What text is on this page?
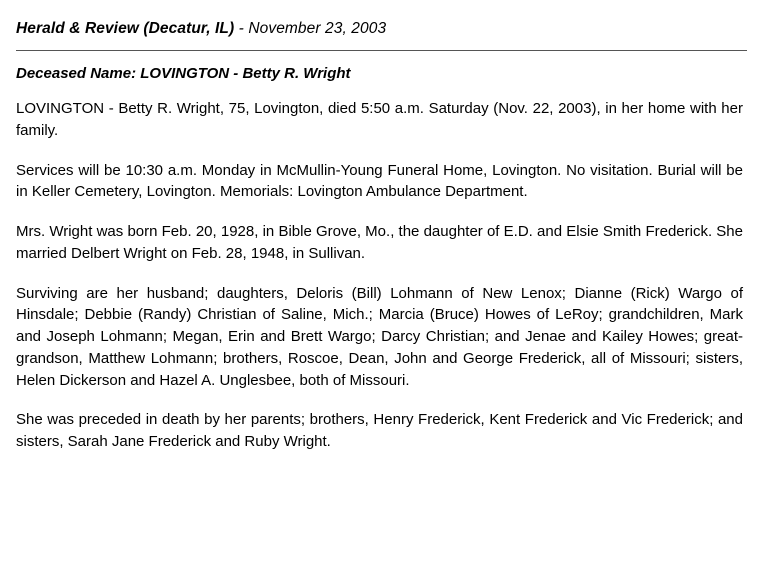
Herald & Review (Decatur, IL) - November 23, 2003
Deceased Name: LOVINGTON - Betty R. Wright

LOVINGTON - Betty R. Wright, 75, Lovington, died 5:50 a.m. Saturday (Nov. 22, 2003), in her home with her family.

Services will be 10:30 a.m. Monday in McMullin-Young Funeral Home, Lovington. No visitation. Burial will be in Keller Cemetery, Lovington. Memorials: Lovington Ambulance Department.

Mrs. Wright was born Feb. 20, 1928, in Bible Grove, Mo., the daughter of E.D. and Elsie Smith Frederick. She married Delbert Wright on Feb. 28, 1948, in Sullivan.

Surviving are her husband; daughters, Deloris (Bill) Lohmann of New Lenox; Dianne (Rick) Wargo of Hinsdale; Debbie (Randy) Christian of Saline, Mich.; Marcia (Bruce) Howes of LeRoy; grandchildren, Mark and Joseph Lohmann; Megan, Erin and Brett Wargo; Darcy Christian; and Jenae and Kailey Howes; great-grandson, Matthew Lohmann; brothers, Roscoe, Dean, John and George Frederick, all of Missouri; sisters, Helen Dickerson and Hazel A. Unglesbee, both of Missouri.

She was preceded in death by her parents; brothers, Henry Frederick, Kent Frederick and Vic Frederick; and sisters, Sarah Jane Frederick and Ruby Wright.
